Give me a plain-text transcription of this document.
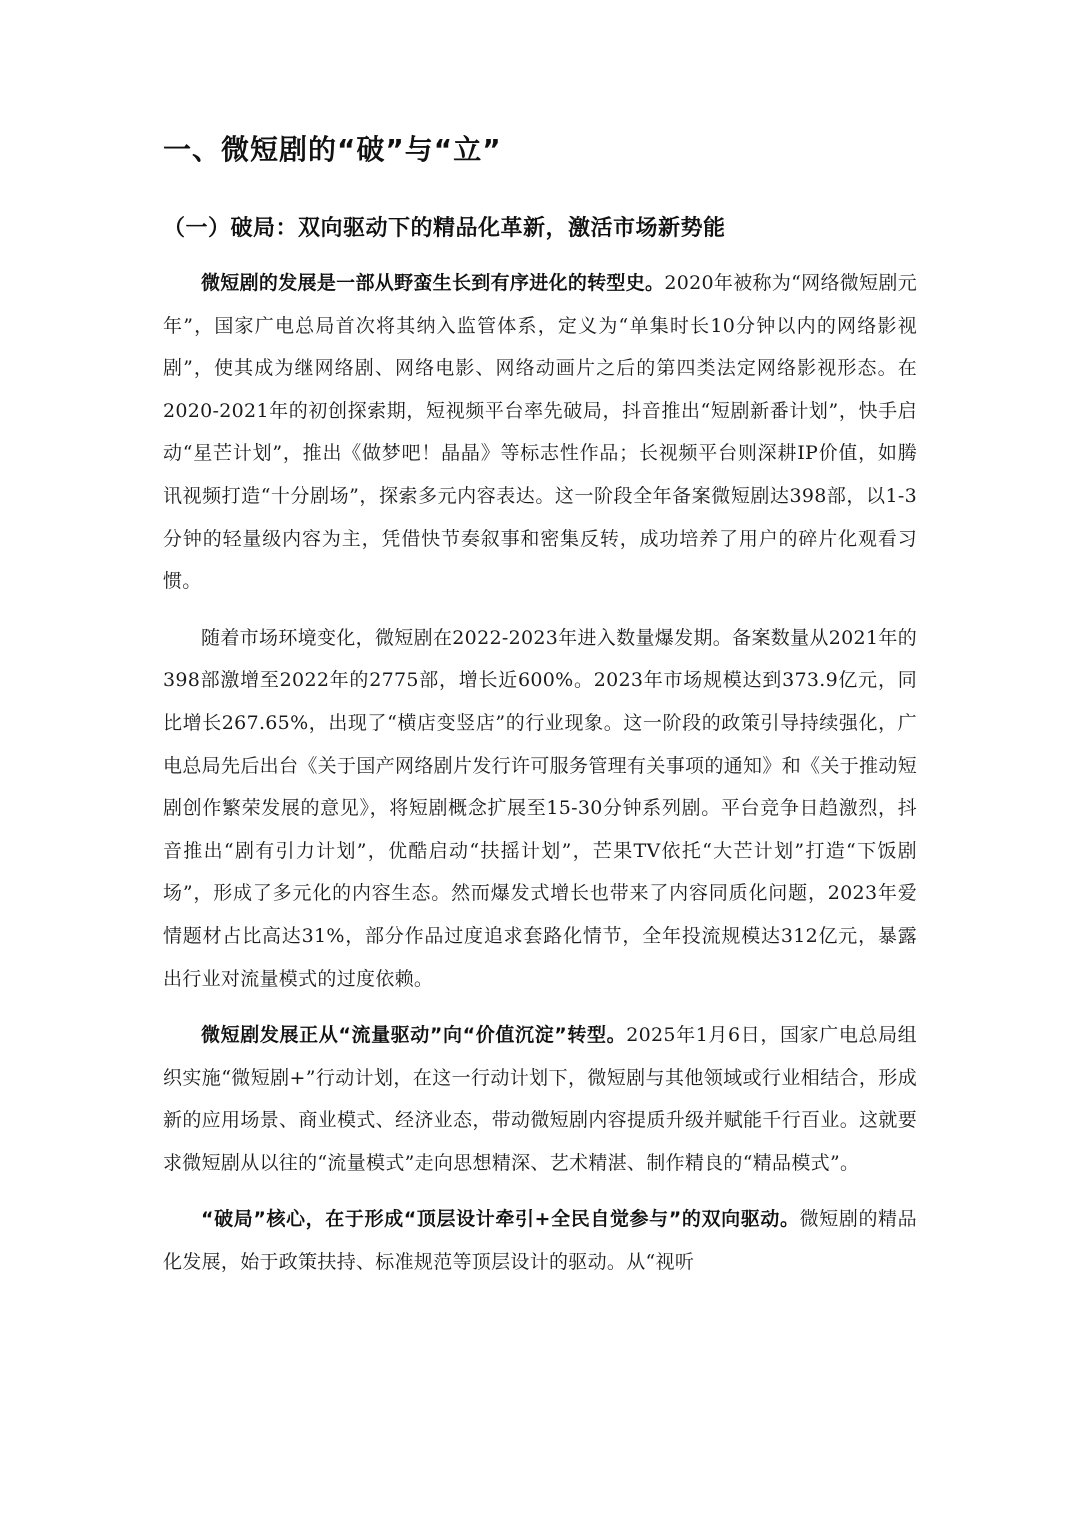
一、微短剧的“破”与“立”
（一）破局：双向驱动下的精品化革新，激活市场新势能

微短剧的发展是一部从野蛮生长到有序进化的转型史。2020年被称为“网络微短剧元年”，国家广电总局首次将其纳入监管体系，定义为“单集时长10分钟以内的网络影视剧”，使其成为继网络剧、网络电影、网络动画片之后的第四类法定网络影视形态。在2020-2021年的初创探索期，短视频平台率先破局，抖音推出“短剧新番计划”，快手启动“星芒计划”，推出《做梦吧！晶晶》等标志性作品；长视频平台则深耕IP价值，如腾讯视频打造“十分剧场”，探索多元内容表达。这一阶段全年备案微短剧达398部，以1-3分钟的轻量级内容为主，凭借快节奏叙事和密集反转，成功培养了用户的碎片化观看习惯。

随着市场环境变化，微短剧在2022-2023年进入数量爆发期。备案数量从2021年的398部激增至2022年的2775部，增长近600%。2023年市场规模达到373.9亿元，同比增长267.65%，出现了“横店变竖店”的行业现象。这一阶段的政策引导持续强化，广电总局先后出台《关于国产网络剧片发行许可服务管理有关事项的通知》和《关于推动短剧创作繁荣发展的意见》，将短剧概念扩展至15-30分钟系列剧。平台竞争日趋激烈，抖音推出“剧有引力计划”，优酷启动“扶摇计划”，芒果TV依托“大芒计划”打造“下饭剧场”，形成了多元化的内容生态。然而爆发式增长也带来了内容同质化问题，2023年爱情题材占比高达31%，部分作品过度追求套路化情节，全年投流规模达312亿元，暴露出行业对流量模式的过度依赖。

微短剧发展正从“流量驱动”向“价值沉淀”转型。2025年1月6日，国家广电总局组织实施“微短剧+”行动计划，在这一行动计划下，微短剧与其他领域或行业相结合，形成新的应用场景、商业模式、经济业态，带动微短剧内容提质升级并赋能千行百业。这就要求微短剧从以往的“流量模式”走向思想精深、艺术精湛、制作精良的“精品模式”。

“破局”核心，在于形成“顶层设计牵引+全民自觉参与”的双向驱动。微短剧的精品化发展，始于政策扶持、标准规范等顶层设计的驱动。从“视听
